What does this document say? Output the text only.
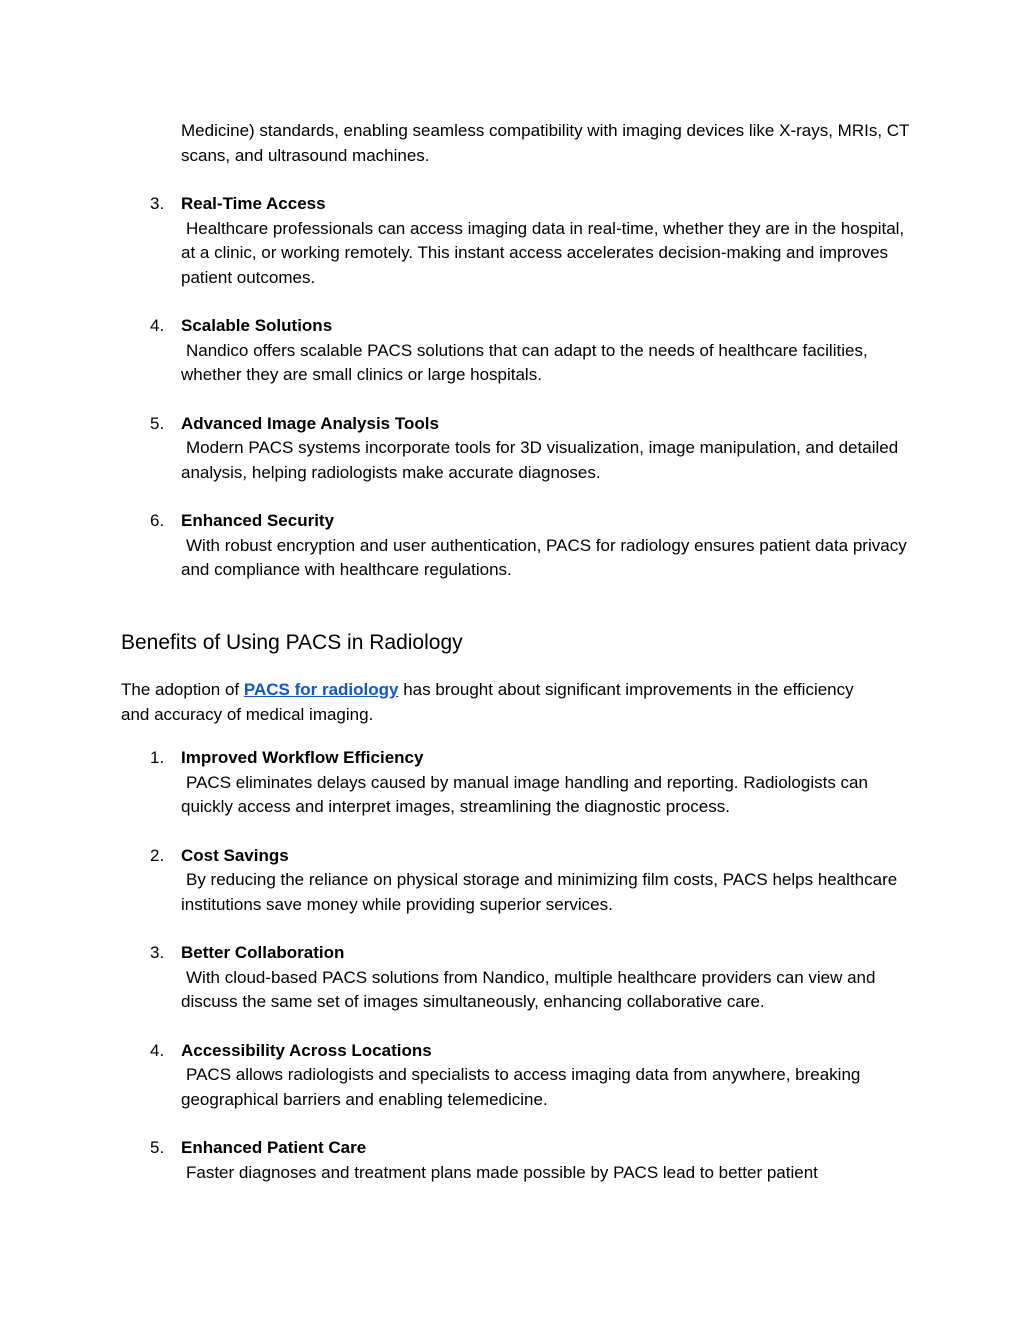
Medicine) standards, enabling seamless compatibility with imaging devices like X-rays, MRIs, CT scans, and ultrasound machines.

3. Real-Time Access
Healthcare professionals can access imaging data in real-time, whether they are in the hospital, at a clinic, or working remotely. This instant access accelerates decision-making and improves patient outcomes.
4. Scalable Solutions
Nandico offers scalable PACS solutions that can adapt to the needs of healthcare facilities, whether they are small clinics or large hospitals.
5. Advanced Image Analysis Tools
Modern PACS systems incorporate tools for 3D visualization, image manipulation, and detailed analysis, helping radiologists make accurate diagnoses.
6. Enhanced Security
With robust encryption and user authentication, PACS for radiology ensures patient data privacy and compliance with healthcare regulations.
Benefits of Using PACS in Radiology

The adoption of PACS for radiology has brought about significant improvements in the efficiency and accuracy of medical imaging.

1. Improved Workflow Efficiency
PACS eliminates delays caused by manual image handling and reporting. Radiologists can quickly access and interpret images, streamlining the diagnostic process.
2. Cost Savings
By reducing the reliance on physical storage and minimizing film costs, PACS helps healthcare institutions save money while providing superior services.
3. Better Collaboration
With cloud-based PACS solutions from Nandico, multiple healthcare providers can view and discuss the same set of images simultaneously, enhancing collaborative care.
4. Accessibility Across Locations
PACS allows radiologists and specialists to access imaging data from anywhere, breaking geographical barriers and enabling telemedicine.
5. Enhanced Patient Care
Faster diagnoses and treatment plans made possible by PACS lead to better patient
